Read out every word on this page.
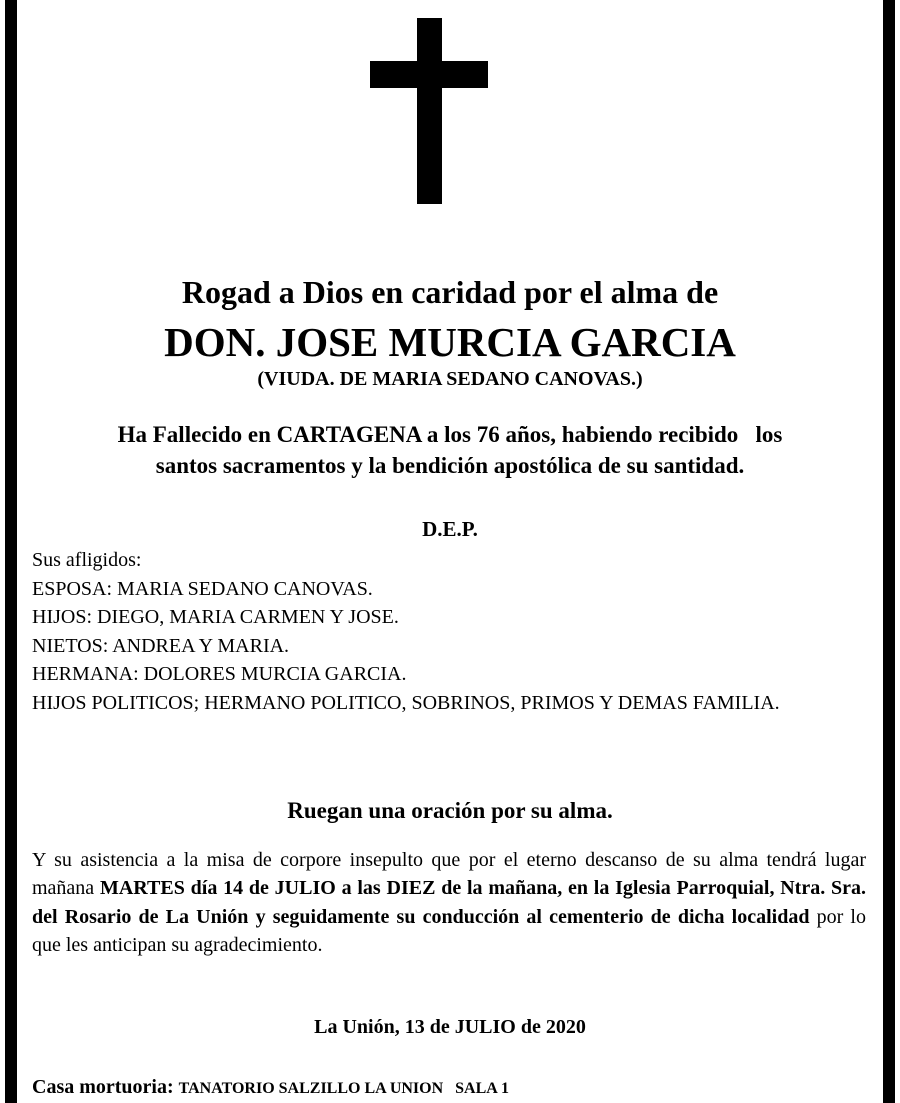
Rogad a Dios en caridad por el alma de
DON. JOSE MURCIA GARCIA
(VIUDA. DE MARIA SEDANO CANOVAS.)
Ha Fallecido en CARTAGENA a los 76 años, habiendo recibido   los
santos sacramentos y la bendición apostólica de su santidad.
D.E.P.
Sus afligidos:
ESPOSA: MARIA SEDANO CANOVAS.
HIJOS: DIEGO, MARIA CARMEN Y JOSE.
NIETOS: ANDREA Y MARIA.
HERMANA: DOLORES MURCIA GARCIA.
HIJOS POLITICOS; HERMANO POLITICO, SOBRINOS, PRIMOS Y DEMAS FAMILIA.
Ruegan una oración por su alma.
Y su asistencia a la misa de corpore insepulto que por el eterno descanso de su alma tendrá lugar mañana MARTES día 14 de JULIO a las DIEZ de la mañana, en la Iglesia Parroquial, Ntra. Sra. del Rosario de La Unión y seguidamente su conducción al cementerio de dicha localidad por lo que les anticipan su agradecimiento.
La Unión, 13 de JULIO de 2020
Casa mortuoria: TANATORIO SALZILLO LA UNION   SALA 1
